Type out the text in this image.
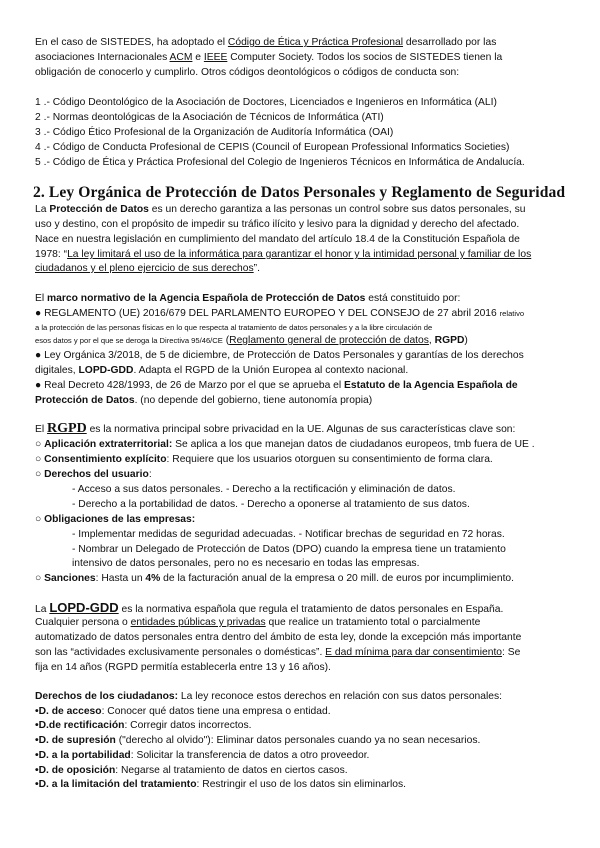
En el caso de SISTEDES, ha adoptado el Código de Ética y Práctica Profesional desarrollado por las
asociaciones Internacionales ACM e IEEE Computer Society. Todos los socios de SISTEDES tienen la
obligación de conocerlo y cumplirlo. Otros códigos deontológicos o códigos de conducta son:
1 .- Código Deontológico de la Asociación de Doctores, Licenciados e Ingenieros en Informática (ALI)
2 .- Normas deontológicas de la Asociación de Técnicos de Informática (ATI)
3 .- Código Ético Profesional de la Organización de Auditoría Informática (OAI)
4 .- Código de Conducta Profesional de CEPIS (Council of European Professional Informatics Societies)
5 .- Código de Ética y Práctica Profesional del Colegio de Ingenieros Técnicos en Informática de Andalucía.
2. Ley Orgánica de Protección de Datos Personales y Reglamento de Seguridad
La Protección de Datos es un derecho garantiza a las personas un control sobre sus datos personales, su
uso y destino, con el propósito de impedir su tráfico ilícito y lesivo para la dignidad y derecho del afectado.
Nace en nuestra legislación en cumplimiento del mandato del artículo 18.4 de la Constitución Española de
1978: “La ley limitará el uso de la informática para garantizar el honor y la intimidad personal y familiar de los
ciudadanos y el pleno ejercicio de sus derechos”.
El marco normativo de la Agencia Española de Protección de Datos está constituido por:
● REGLAMENTO (UE) 2016/679 DEL PARLAMENTO EUROPEO Y DEL CONSEJO de 27 abril 2016 relativo
a la protección de las personas físicas en lo que respecta al tratamiento de datos personales y a la libre circulación de
esos datos y por el que se deroga la Directiva 95/46/CE (Reglamento general de protección de datos, RGPD)
● Ley Orgánica 3/2018, de 5 de diciembre, de Protección de Datos Personales y garantías de los derechos
digitales, LOPD-GDD. Adapta el RGPD de la Unión Europea al contexto nacional.
● Real Decreto 428/1993, de 26 de Marzo por el que se aprueba el Estatuto de la Agencia Española de
Protección de Datos. (no depende del gobierno, tiene autonomía propia)
El RGPD es la normativa principal sobre privacidad en la UE. Algunas de sus características clave son:
○ Aplicación extraterritorial: Se aplica a los que manejan datos de ciudadanos europeos, tmb fuera de UE .
○ Consentimiento explícito: Requiere que los usuarios otorguen su consentimiento de forma clara.
○ Derechos del usuario:
- Acceso a sus datos personales. - Derecho a la rectificación y eliminación de datos.
- Derecho a la portabilidad de datos. - Derecho a oponerse al tratamiento de sus datos.
○ Obligaciones de las empresas:
- Implementar medidas de seguridad adecuadas. - Notificar brechas de seguridad en 72 horas.
- Nombrar un Delegado de Protección de Datos (DPO) cuando la empresa tiene un tratamiento
intensivo de datos personales, pero no es necesario en todas las empresas.
○ Sanciones: Hasta un 4% de la facturación anual de la empresa o 20 mill. de euros por incumplimiento.
La LOPD-GDD es la normativa española que regula el tratamiento de datos personales en España.
Cualquier persona o entidades públicas y privadas que realice un tratamiento total o parcialmente
automatizado de datos personales entra dentro del ámbito de esta ley, donde la excepción más importante
son las “actividades exclusivamente personales o domésticas”. E dad mínima para dar consentimiento: Se
fija en 14 años (RGPD permitía establecerla entre 13 y 16 años).
Derechos de los ciudadanos: La ley reconoce estos derechos en relación con sus datos personales:
•D. de acceso: Conocer qué datos tiene una empresa o entidad.
•D.de rectificación: Corregir datos incorrectos.
•D. de supresión ("derecho al olvido"): Eliminar datos personales cuando ya no sean necesarios.
•D. a la portabilidad: Solicitar la transferencia de datos a otro proveedor.
•D. de oposición: Negarse al tratamiento de datos en ciertos casos.
•D. a la limitación del tratamiento: Restringir el uso de los datos sin eliminarlos.
